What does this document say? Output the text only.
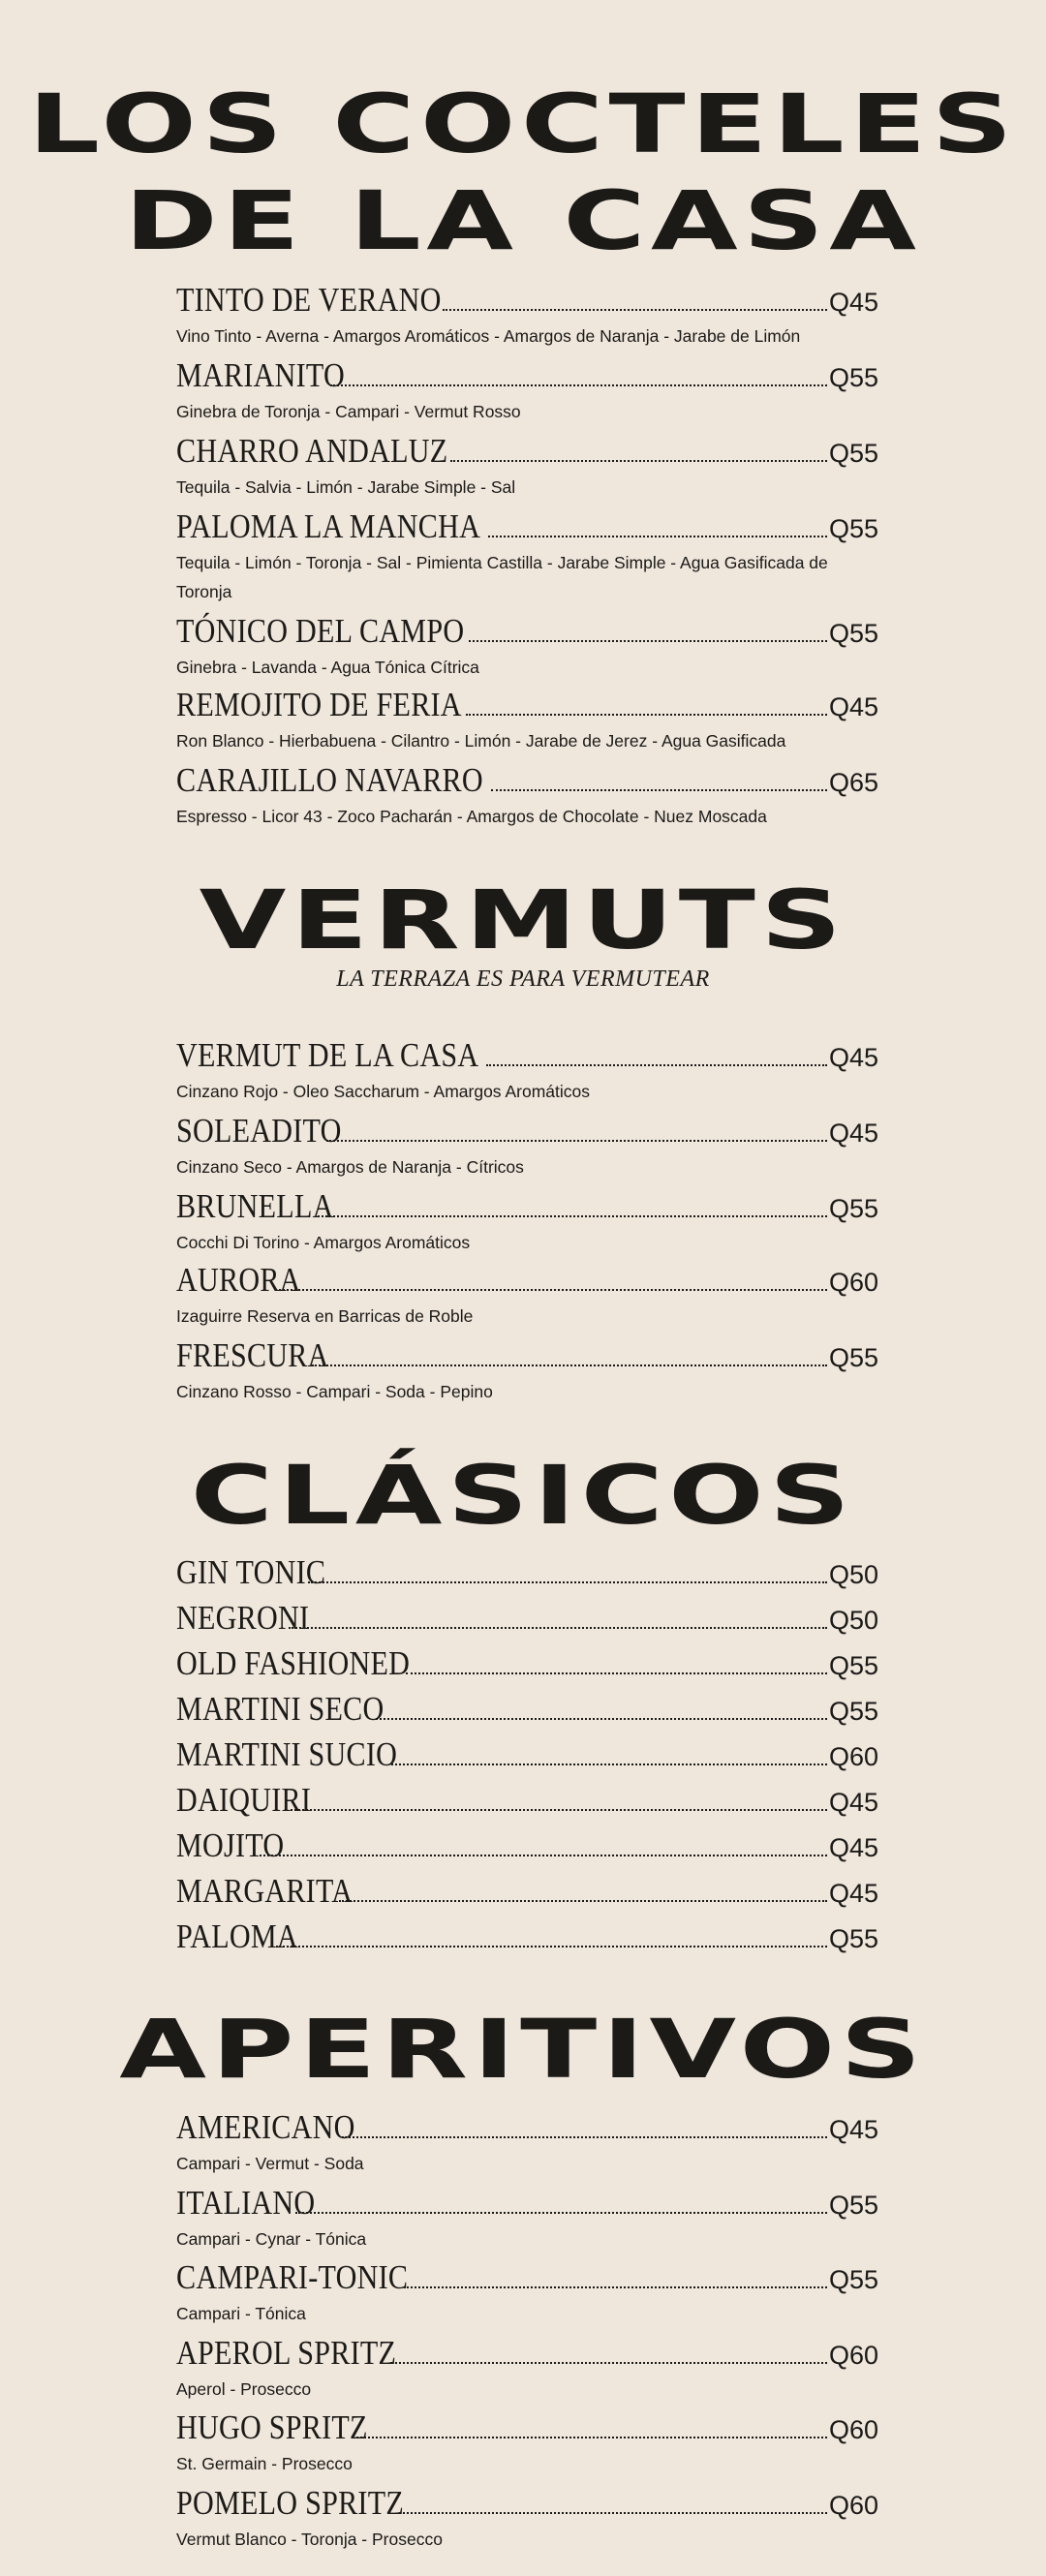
LOS COCTELES
DE LA CASA
TINTO DE VERANO	Q45
Vino Tinto - Averna - Amargos Aromáticos - Amargos de Naranja - Jarabe de Limón
MARIANITO	Q55
Ginebra de Toronja - Campari - Vermut Rosso
CHARRO ANDALUZ	Q55
Tequila - Salvia - Limón - Jarabe Simple - Sal
PALOMA LA MANCHA	Q55
Tequila - Limón - Toronja - Sal - Pimienta Castilla - Jarabe Simple - Agua Gasificada de Toronja
TÓNICO DEL CAMPO	Q55
Ginebra - Lavanda - Agua Tónica Cítrica
REMOJITO DE FERIA	Q45
Ron Blanco - Hierbabuena - Cilantro - Limón - Jarabe de Jerez - Agua Gasificada
CARAJILLO NAVARRO	Q65
Espresso - Licor 43 - Zoco Pacharán - Amargos de Chocolate - Nuez Moscada
VERMUTS
LA TERRAZA ES PARA VERMUTEAR
VERMUT DE LA CASA	Q45
Cinzano Rojo - Oleo Saccharum - Amargos Aromáticos
SOLEADITO	Q45
Cinzano Seco - Amargos de Naranja - Cítricos
BRUNELLA	Q55
Cocchi Di Torino - Amargos Aromáticos
AURORA	Q60
Izaguirre Reserva en Barricas de Roble
FRESCURA	Q55
Cinzano Rosso - Campari - Soda - Pepino
CLÁSICOS
GIN TONIC	Q50
NEGRONI	Q50
OLD FASHIONED	Q55
MARTINI SECO	Q55
MARTINI SUCIO	Q60
DAIQUIRI	Q45
MOJITO	Q45
MARGARITA	Q45
PALOMA	Q55
APERITIVOS
AMERICANO	Q45
Campari - Vermut - Soda
ITALIANO	Q55
Campari - Cynar - Tónica
CAMPARI-TONIC	Q55
Campari - Tónica
APEROL SPRITZ	Q60
Aperol - Prosecco
HUGO SPRITZ	Q60
St. Germain - Prosecco
POMELO SPRITZ	Q60
Vermut Blanco - Toronja - Prosecco
